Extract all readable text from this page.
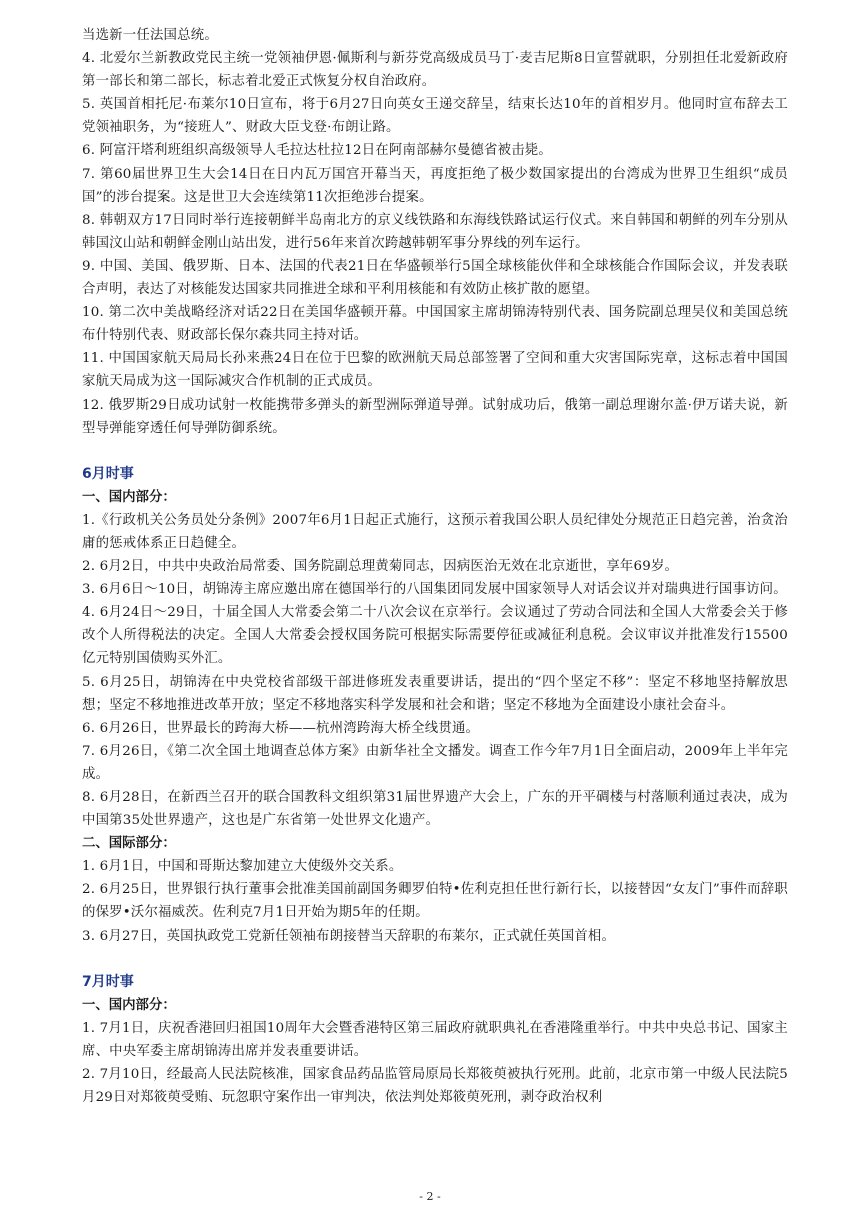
当选新一任法国总统。

4. 北爱尔兰新教政党民主统一党领袖伊恩·佩斯利与新芬党高级成员马丁·麦吉尼斯8日宣誓就职，分别担任北爱新政府第一部长和第二部长，标志着北爱正式恢复分权自治政府。

5. 英国首相托尼·布莱尔10日宣布，将于6月27日向英女王递交辞呈，结束长达10年的首相岁月。他同时宣布辞去工党领袖职务，为“接班人”、财政大臣戈登·布朗让路。

6. 阿富汗塔利班组织高级领导人毛拉达杜拉12日在阿南部赫尔曼德省被击毙。

7. 第60届世界卫生大会14日在日内瓦万国宫开幕当天，再度拒绝了极少数国家提出的台湾成为世界卫生组织“成员国”的涉台提案。这是世卫大会连续第11次拒绝涉台提案。

8. 韩朝双方17日同时举行连接朝鲜半岛南北方的京义线铁路和东海线铁路试运行仪式。来自韩国和朝鲜的列车分别从韩国汶山站和朝鲜金刚山站出发，进行56年来首次跨越韩朝军事分界线的列车运行。

9. 中国、美国、俄罗斯、日本、法国的代表21日在华盛顿举行5国全球核能伙伴和全球核能合作国际会议，并发表联合声明，表达了对核能发达国家共同推进全球和平利用核能和有效防止核扩散的愿望。

10. 第二次中美战略经济对话22日在美国华盛顿开幕。中国国家主席胡锦涛特别代表、国务院副总理吴仪和美国总统布什特别代表、财政部长保尔森共同主持对话。

11. 中国国家航天局局长孙来燕24日在位于巴黎的欧洲航天局总部签署了空间和重大灾害国际宪章，这标志着中国国家航天局成为这一国际减灾合作机制的正式成员。

12. 俄罗斯29日成功试射一枚能携带多弹头的新型洲际弹道导弹。试射成功后，俄第一副总理谢尔盖·伊万诺夫说，新型导弹能穿透任何导弹防御系统。

6月时事
一、国内部分：

1.《行政机关公务员处分条例》2007年6月1日起正式施行，这预示着我国公职人员纪律处分规范正日趋完善，治贪治庸的惩戒体系正日趋健全。

2. 6月2日，中共中央政治局常委、国务院副总理黄菊同志，因病医治无效在北京逝世，享年69岁。

3. 6月6日～10日，胡锦涛主席应邀出席在德国举行的八国集团同发展中国家领导人对话会议并对瑞典进行国事访问。

4. 6月24日～29日，十届全国人大常委会第二十八次会议在京举行。会议通过了劳动合同法和全国人大常委会关于修改个人所得税法的决定。全国人大常委会授权国务院可根据实际需要停征或减征利息税。会议审议并批准发行15500亿元特别国债购买外汇。

5. 6月25日，胡锦涛在中央党校省部级干部进修班发表重要讲话，提出的“四个坚定不移”：坚定不移地坚持解放思想；坚定不移地推进改革开放；坚定不移地落实科学发展和社会和谐；坚定不移地为全面建设小康社会奋斗。

6. 6月26日，世界最长的跨海大桥——杭州湾跨海大桥全线贯通。

7. 6月26日，《第二次全国土地调查总体方案》由新华社全文播发。调查工作今年7月1日全面启动，2009年上半年完成。

8. 6月28日，在新西兰召开的联合国教科文组织第31届世界遗产大会上，广东的开平碉楼与村落顺利通过表决，成为中国第35处世界遗产，这也是广东省第一处世界文化遗产。

二、国际部分：

1. 6月1日，中国和哥斯达黎加建立大使级外交关系。

2. 6月25日，世界银行执行董事会批准美国前副国务卿罗伯特•佐利克担任世行新行长，以接替因“女友门”事件而辞职的保罗•沃尔福威茨。佐利克7月1日开始为期5年的任期。

3. 6月27日，英国执政党工党新任领袖布朗接替当天辞职的布莱尔，正式就任英国首相。

7月时事
一、国内部分：

1. 7月1日，庆祝香港回归祖国10周年大会暨香港特区第三届政府就职典礼在香港隆重举行。中共中央总书记、国家主席、中央军委主席胡锦涛出席并发表重要讲话。

2. 7月10日，经最高人民法院核准，国家食品药品监管局原局长郑筱萸被执行死刑。此前，北京市第一中级人民法院5月29日对郑筱萸受贿、玩忽职守案作出一审判决，依法判处郑筱萸死刑，剥夺政治权利

- 2 -
